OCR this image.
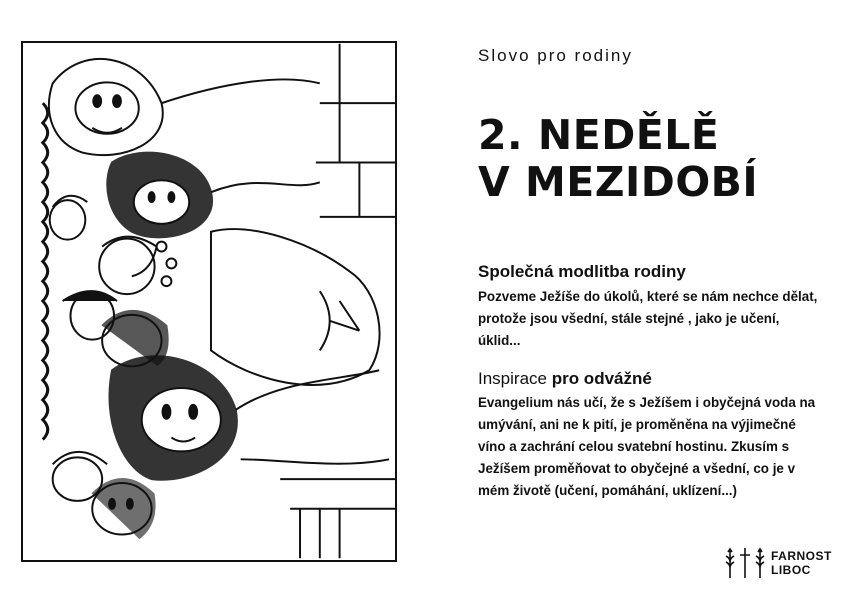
Slovo pro rodiny
2. NEDĚLĚ
V MEZIDOBÍ
Společná modlitba rodiny

Pozveme Ježíše do úkolů, které se nám nechce dělat, protože jsou všední, stále stejné , jako je učení, úklid...

Inspirace pro odvážné

Evangelium nás učí, že s Ježíšem i obyčejná voda na umývání, ani ne k pití, je proměněna na výjimečné víno a zachrání celou svatební hostinu. Zkusím s Ježíšem proměňovat to obyčejné a všední, co je v mém životě (učení, pomáhání, uklízení...)

FARNOST
LIBOC
